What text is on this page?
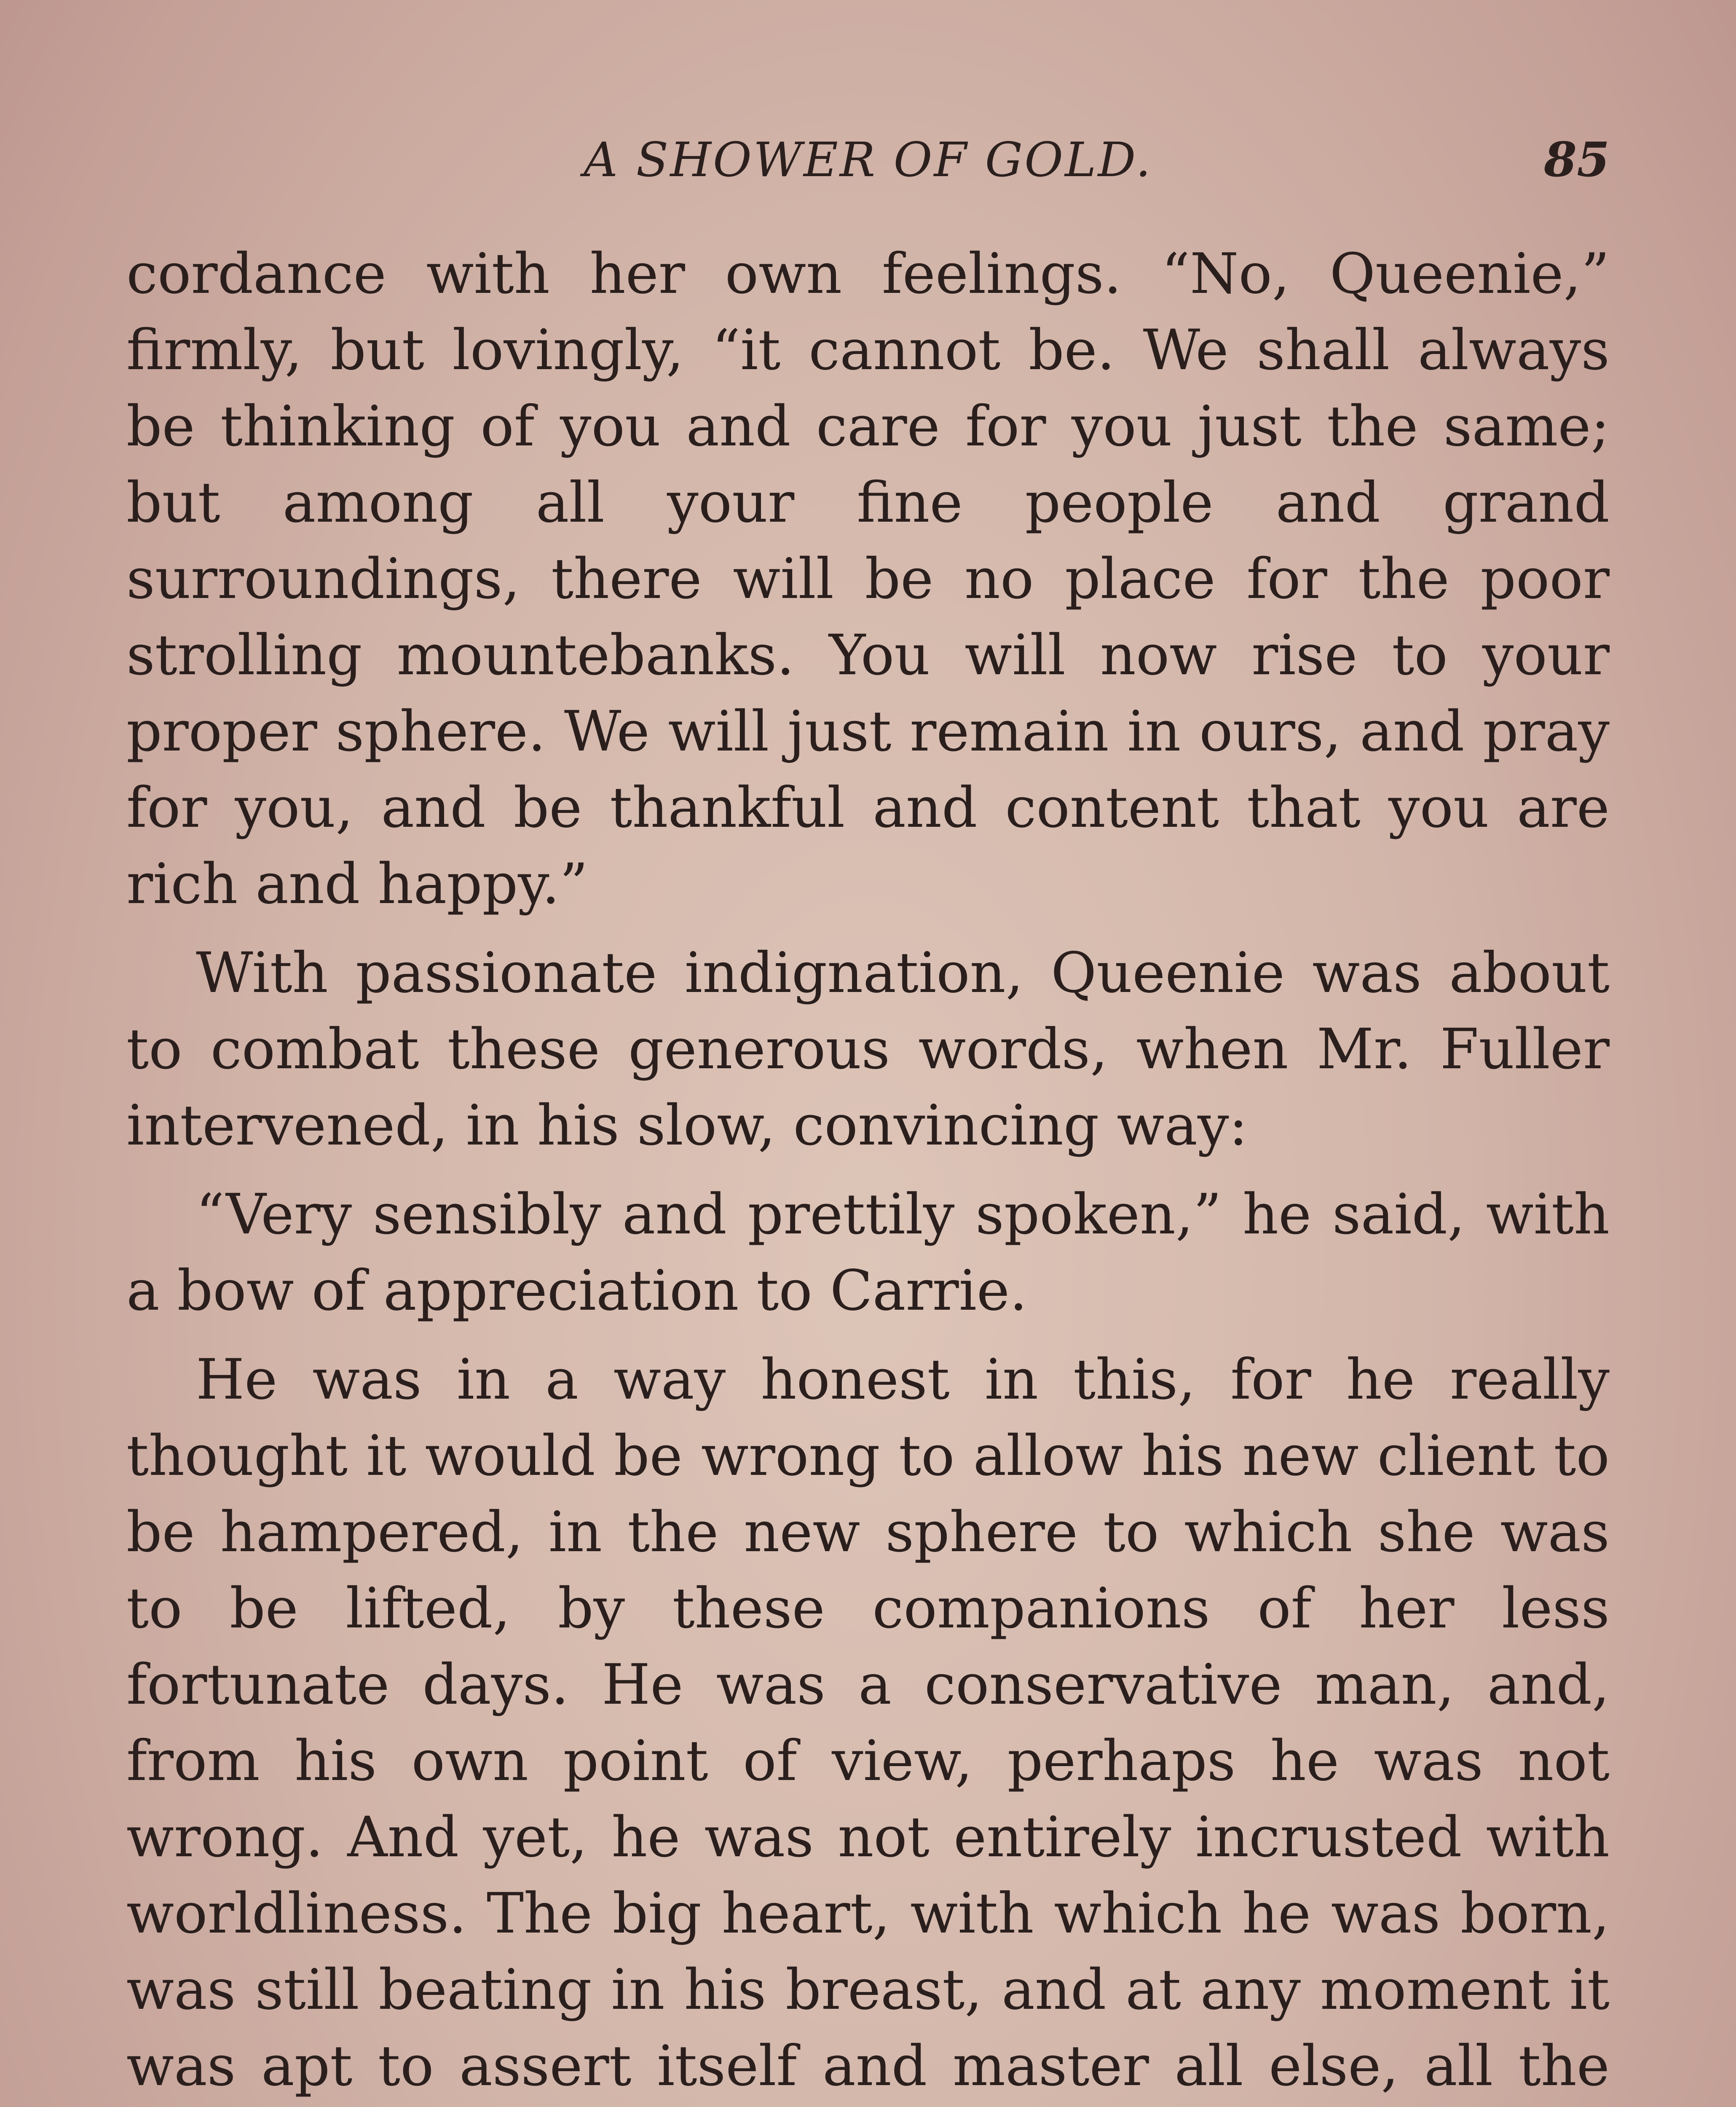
A SHOWER OF GOLD.	85

cordance with her own feelings. “No, Queenie,” firmly, but lovingly, “it cannot be. We shall always be thinking of you and care for you just the same; but among all your fine people and grand surroundings, there will be no place for the poor strolling mountebanks. You will now rise to your proper sphere. We will just remain in ours, and pray for you, and be thankful and content that you are rich and happy.”

With passionate indignation, Queenie was about to combat these generous words, when Mr. Fuller intervened, in his slow, convincing way:

“Very sensibly and prettily spoken,” he said, with a bow of appreciation to Carrie.

He was in a way honest in this, for he really thought it would be wrong to allow his new client to be hampered, in the new sphere to which she was to be lifted, by these companions of her less fortunate days. He was a conservative man, and, from his own point of view, perhaps he was not wrong. And yet, he was not entirely incrusted with worldliness. The big heart, with which he was born, was still beating in his breast, and at any moment it was apt to assert itself and master all else, all the
